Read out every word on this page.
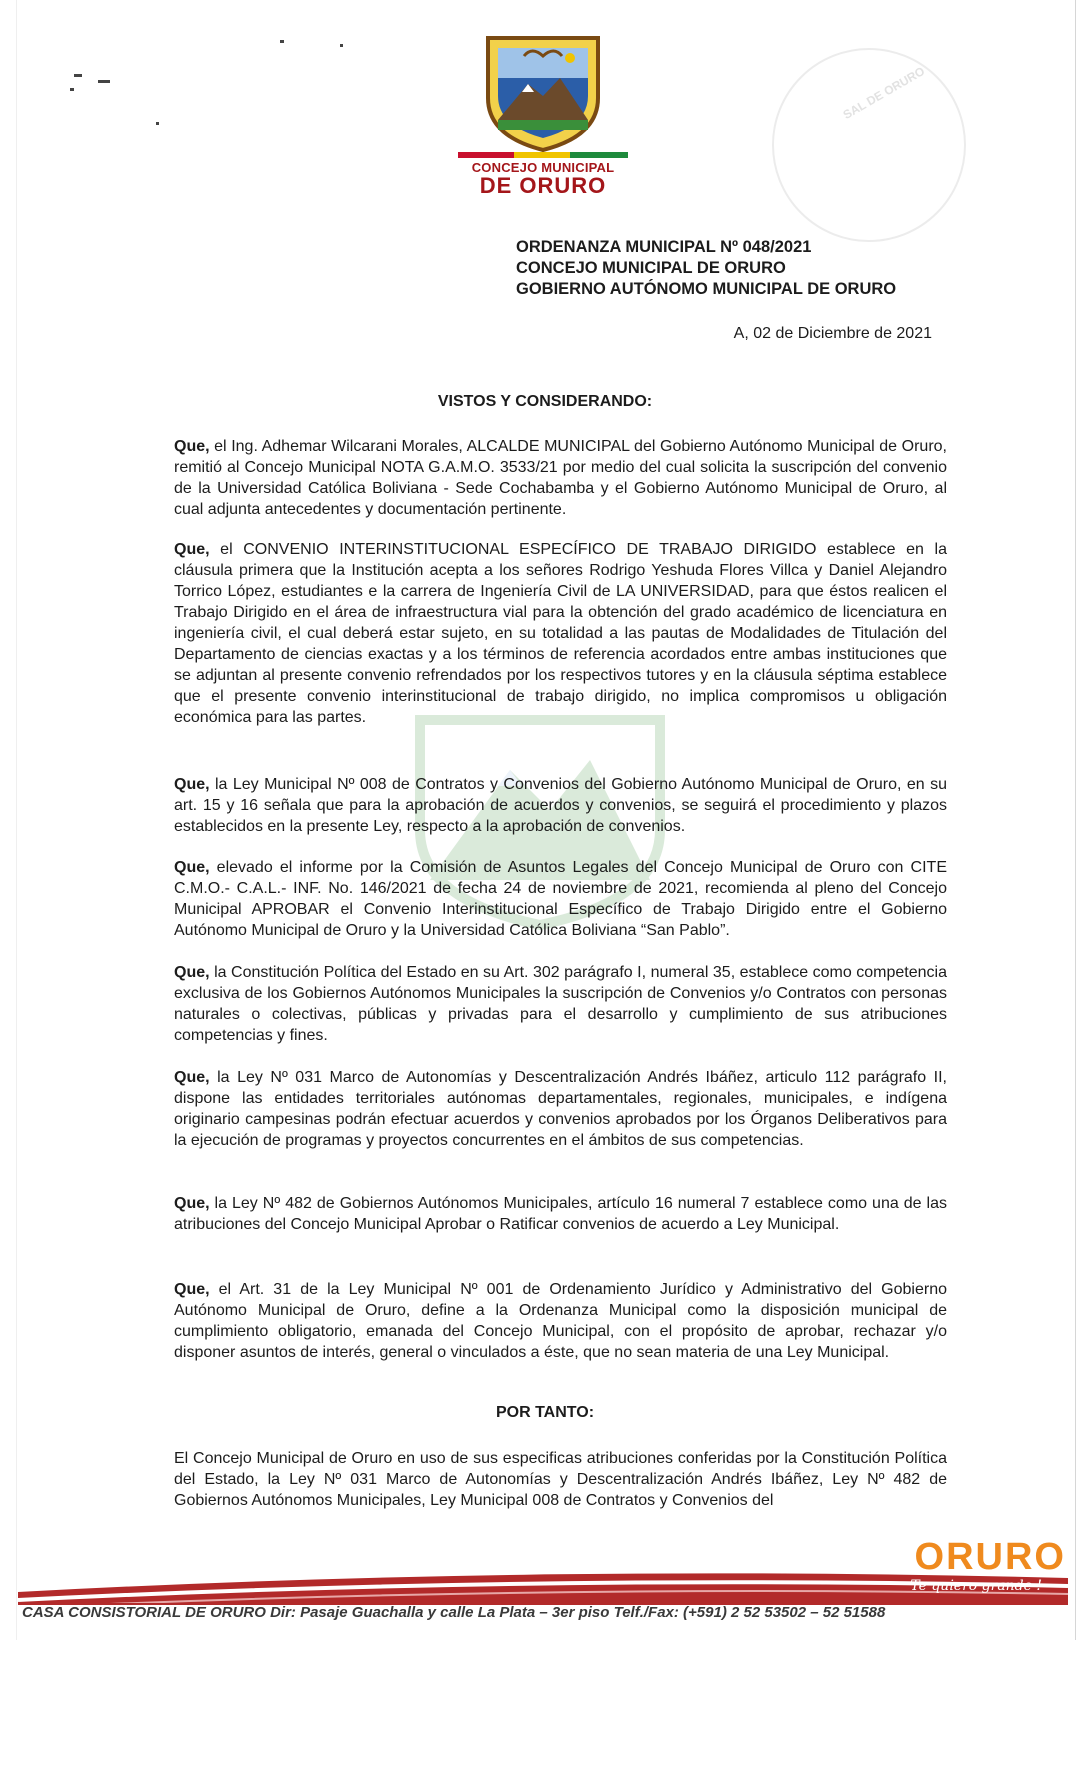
CONCEJO MUNICIPAL
DE ORURO
SAL DE ORURO
ORDENANZA MUNICIPAL Nº 048/2021
CONCEJO MUNICIPAL DE ORURO
GOBIERNO AUTÓNOMO MUNICIPAL DE ORURO
A, 02 de Diciembre de 2021
VISTOS Y CONSIDERANDO:

Que, el Ing. Adhemar Wilcarani Morales, ALCALDE MUNICIPAL del Gobierno Autónomo Municipal de Oruro, remitió al Concejo Municipal NOTA G.A.M.O. 3533/21 por medio del cual solicita la suscripción del convenio de la Universidad Católica Boliviana - Sede Cochabamba y el Gobierno Autónomo Municipal de Oruro, al cual adjunta antecedentes y documentación pertinente.

Que, el CONVENIO INTERINSTITUCIONAL ESPECÍFICO DE TRABAJO DIRIGIDO establece en la cláusula primera que la Institución acepta a los señores Rodrigo Yeshuda Flores Villca y Daniel Alejandro Torrico López, estudiantes e la carrera de Ingeniería Civil de LA UNIVERSIDAD, para que éstos realicen el Trabajo Dirigido en el área de infraestructura vial para la obtención del grado académico de licenciatura en ingeniería civil, el cual deberá estar sujeto, en su totalidad a las pautas de Modalidades de Titulación del Departamento de ciencias exactas y a los términos de referencia acordados entre ambas instituciones que se adjuntan al presente convenio refrendados por los respectivos tutores y en la cláusula séptima establece que el presente convenio interinstitucional de trabajo dirigido, no implica compromisos u obligación económica para las partes.

Que, la Ley Municipal Nº 008 de Contratos y Convenios del Gobierno Autónomo Municipal de Oruro, en su art. 15 y 16 señala que para la aprobación de acuerdos y convenios, se seguirá el procedimiento y plazos establecidos en la presente Ley, respecto a la aprobación de convenios.

Que, elevado el informe por la Comisión de Asuntos Legales del Concejo Municipal de Oruro con CITE C.M.O.- C.A.L.- INF. No. 146/2021 de fecha 24 de noviembre de 2021, recomienda al pleno del Concejo Municipal APROBAR el Convenio Interinstitucional Específico de Trabajo Dirigido entre el Gobierno Autónomo Municipal de Oruro y la Universidad Católica Boliviana “San Pablo”.

Que, la Constitución Política del Estado en su Art. 302 parágrafo I, numeral 35, establece como competencia exclusiva de los Gobiernos Autónomos Municipales la suscripción de Convenios y/o Contratos con personas naturales o colectivas, públicas y privadas para el desarrollo y cumplimiento de sus atribuciones competencias y fines.

Que, la Ley Nº 031 Marco de Autonomías y Descentralización Andrés Ibáñez, articulo 112 parágrafo II, dispone las entidades territoriales autónomas departamentales, regionales, municipales, e indígena originario campesinas podrán efectuar acuerdos y convenios aprobados por los Órganos Deliberativos para la ejecución de programas y proyectos concurrentes en el ámbitos de sus competencias.

Que, la Ley Nº 482 de Gobiernos Autónomos Municipales, artículo 16 numeral 7 establece como una de las atribuciones del Concejo Municipal Aprobar o Ratificar convenios de acuerdo a Ley Municipal.

Que, el Art. 31 de la Ley Municipal Nº 001 de Ordenamiento Jurídico y Administrativo del Gobierno Autónomo Municipal de Oruro, define a la Ordenanza Municipal como la disposición municipal de cumplimiento obligatorio, emanada del Concejo Municipal, con el propósito de aprobar, rechazar y/o disponer asuntos de interés, general o vinculados a éste, que no sean materia de una Ley Municipal.

POR TANTO:

El Concejo Municipal de Oruro en uso de sus especificas atribuciones conferidas por la Constitución Política del Estado, la Ley Nº 031 Marco de Autonomías y Descentralización Andrés Ibáñez, Ley Nº 482 de Gobiernos Autónomos Municipales, Ley Municipal 008 de Contratos y Convenios del

ORURO
Te quiero grande !
CASA CONSISTORIAL DE ORURO Dir: Pasaje Guachalla y calle La Plata – 3er piso Telf./Fax: (+591) 2 52 53502 – 52 51588
